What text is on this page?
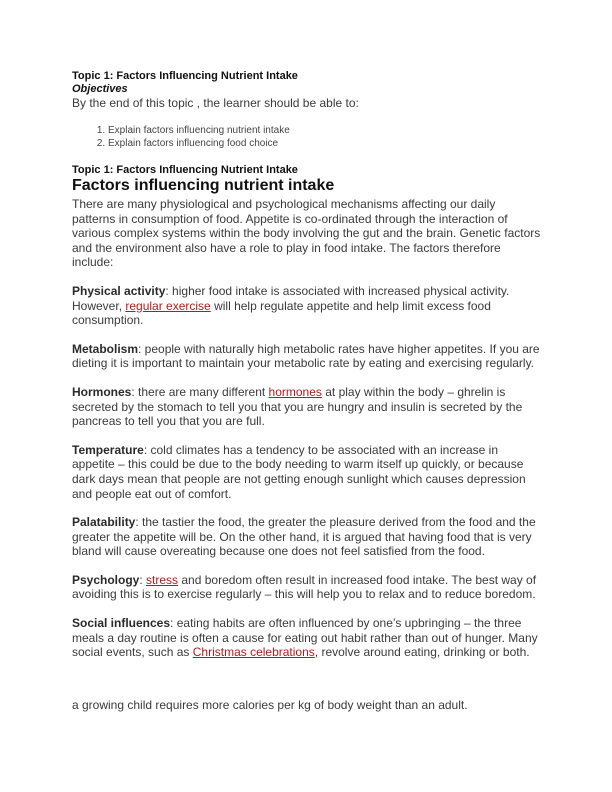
Topic 1: Factors Influencing Nutrient Intake

Objectives

By the end of this topic , the learner should be able to:

1. Explain factors influencing nutrient intake
2. Explain factors influencing food choice

Topic 1: Factors Influencing Nutrient Intake

Factors influencing nutrient intake

There are many physiological and psychological mechanisms affecting our daily patterns in consumption of food. Appetite is co-ordinated through the interaction of various complex systems within the body involving the gut and the brain. Genetic factors and the environment also have a role to play in food intake. The factors therefore include:

Physical activity: higher food intake is associated with increased physical activity. However, regular exercise will help regulate appetite and help limit excess food consumption.

Metabolism: people with naturally high metabolic rates have higher appetites. If you are dieting it is important to maintain your metabolic rate by eating and exercising regularly.

Hormones: there are many different hormones at play within the body – ghrelin is secreted by the stomach to tell you that you are hungry and insulin is secreted by the pancreas to tell you that you are full.

Temperature: cold climates has a tendency to be associated with an increase in appetite – this could be due to the body needing to warm itself up quickly, or because dark days mean that people are not getting enough sunlight which causes depression and people eat out of comfort.

Palatability: the tastier the food, the greater the pleasure derived from the food and the greater the appetite will be. On the other hand, it is argued that having food that is very bland will cause overeating because one does not feel satisfied from the food.

Psychology: stress and boredom often result in increased food intake. The best way of avoiding this is to exercise regularly – this will help you to relax and to reduce boredom.

Social influences: eating habits are often influenced by one’s upbringing – the three meals a day routine is often a cause for eating out habit rather than out of hunger. Many social events, such as Christmas celebrations, revolve around eating, drinking or both.

a growing child requires more calories per kg of body weight than an adult.
